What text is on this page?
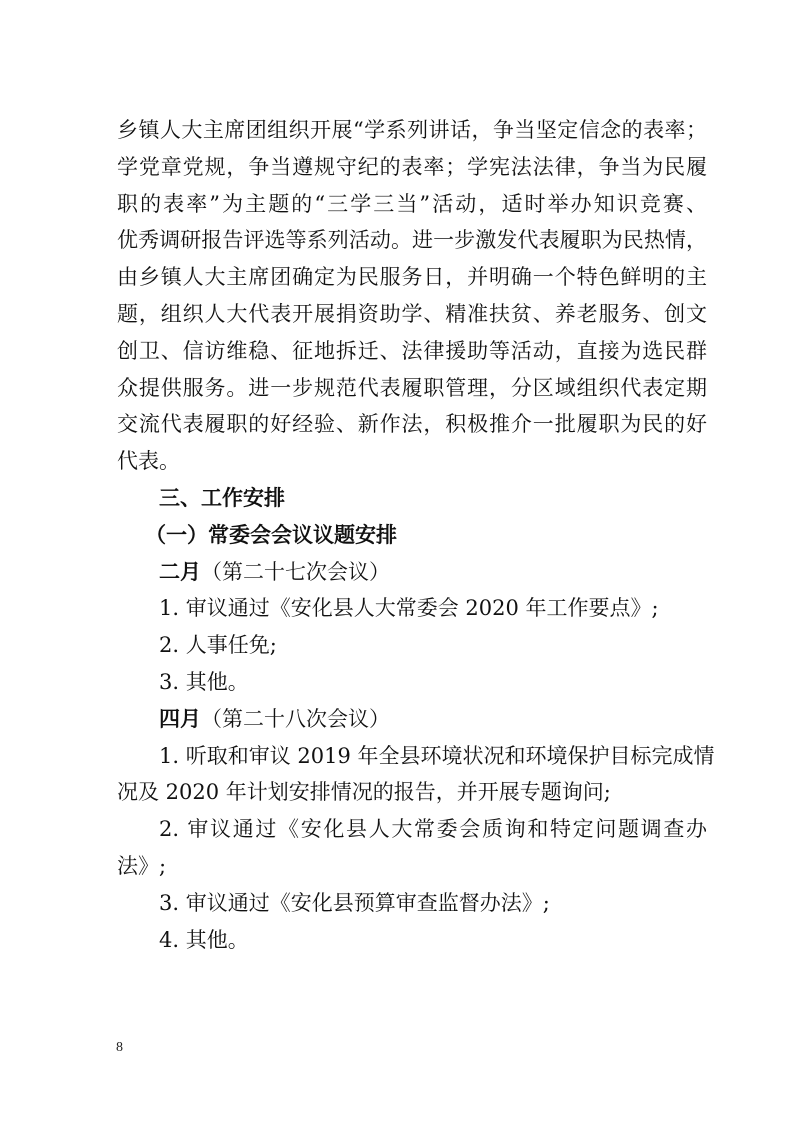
乡镇人大主席团组织开展“学系列讲话，争当坚定信念的表率；
学党章党规，争当遵规守纪的表率；学宪法法律，争当为民履
职的表率”为主题的“三学三当”活动，适时举办知识竞赛、
优秀调研报告评选等系列活动。进一步激发代表履职为民热情，
由乡镇人大主席团确定为民服务日，并明确一个特色鲜明的主
题，组织人大代表开展捐资助学、精准扶贫、养老服务、创文
创卫、信访维稳、征地拆迁、法律援助等活动，直接为选民群
众提供服务。进一步规范代表履职管理，分区域组织代表定期
交流代表履职的好经验、新作法，积极推介一批履职为民的好
代表。
三、工作安排
（一）常委会会议议题安排
二月（第二十七次会议）
1. 审议通过《安化县人大常委会 2020 年工作要点》;
2. 人事任免;
3. 其他。
四月（第二十八次会议）
1. 听取和审议 2019 年全县环境状况和环境保护目标完成情
况及 2020 年计划安排情况的报告，并开展专题询问;
2. 审议通过《安化县人大常委会质询和特定问题调查办
法》;
3. 审议通过《安化县预算审查监督办法》;
4. 其他。
8
